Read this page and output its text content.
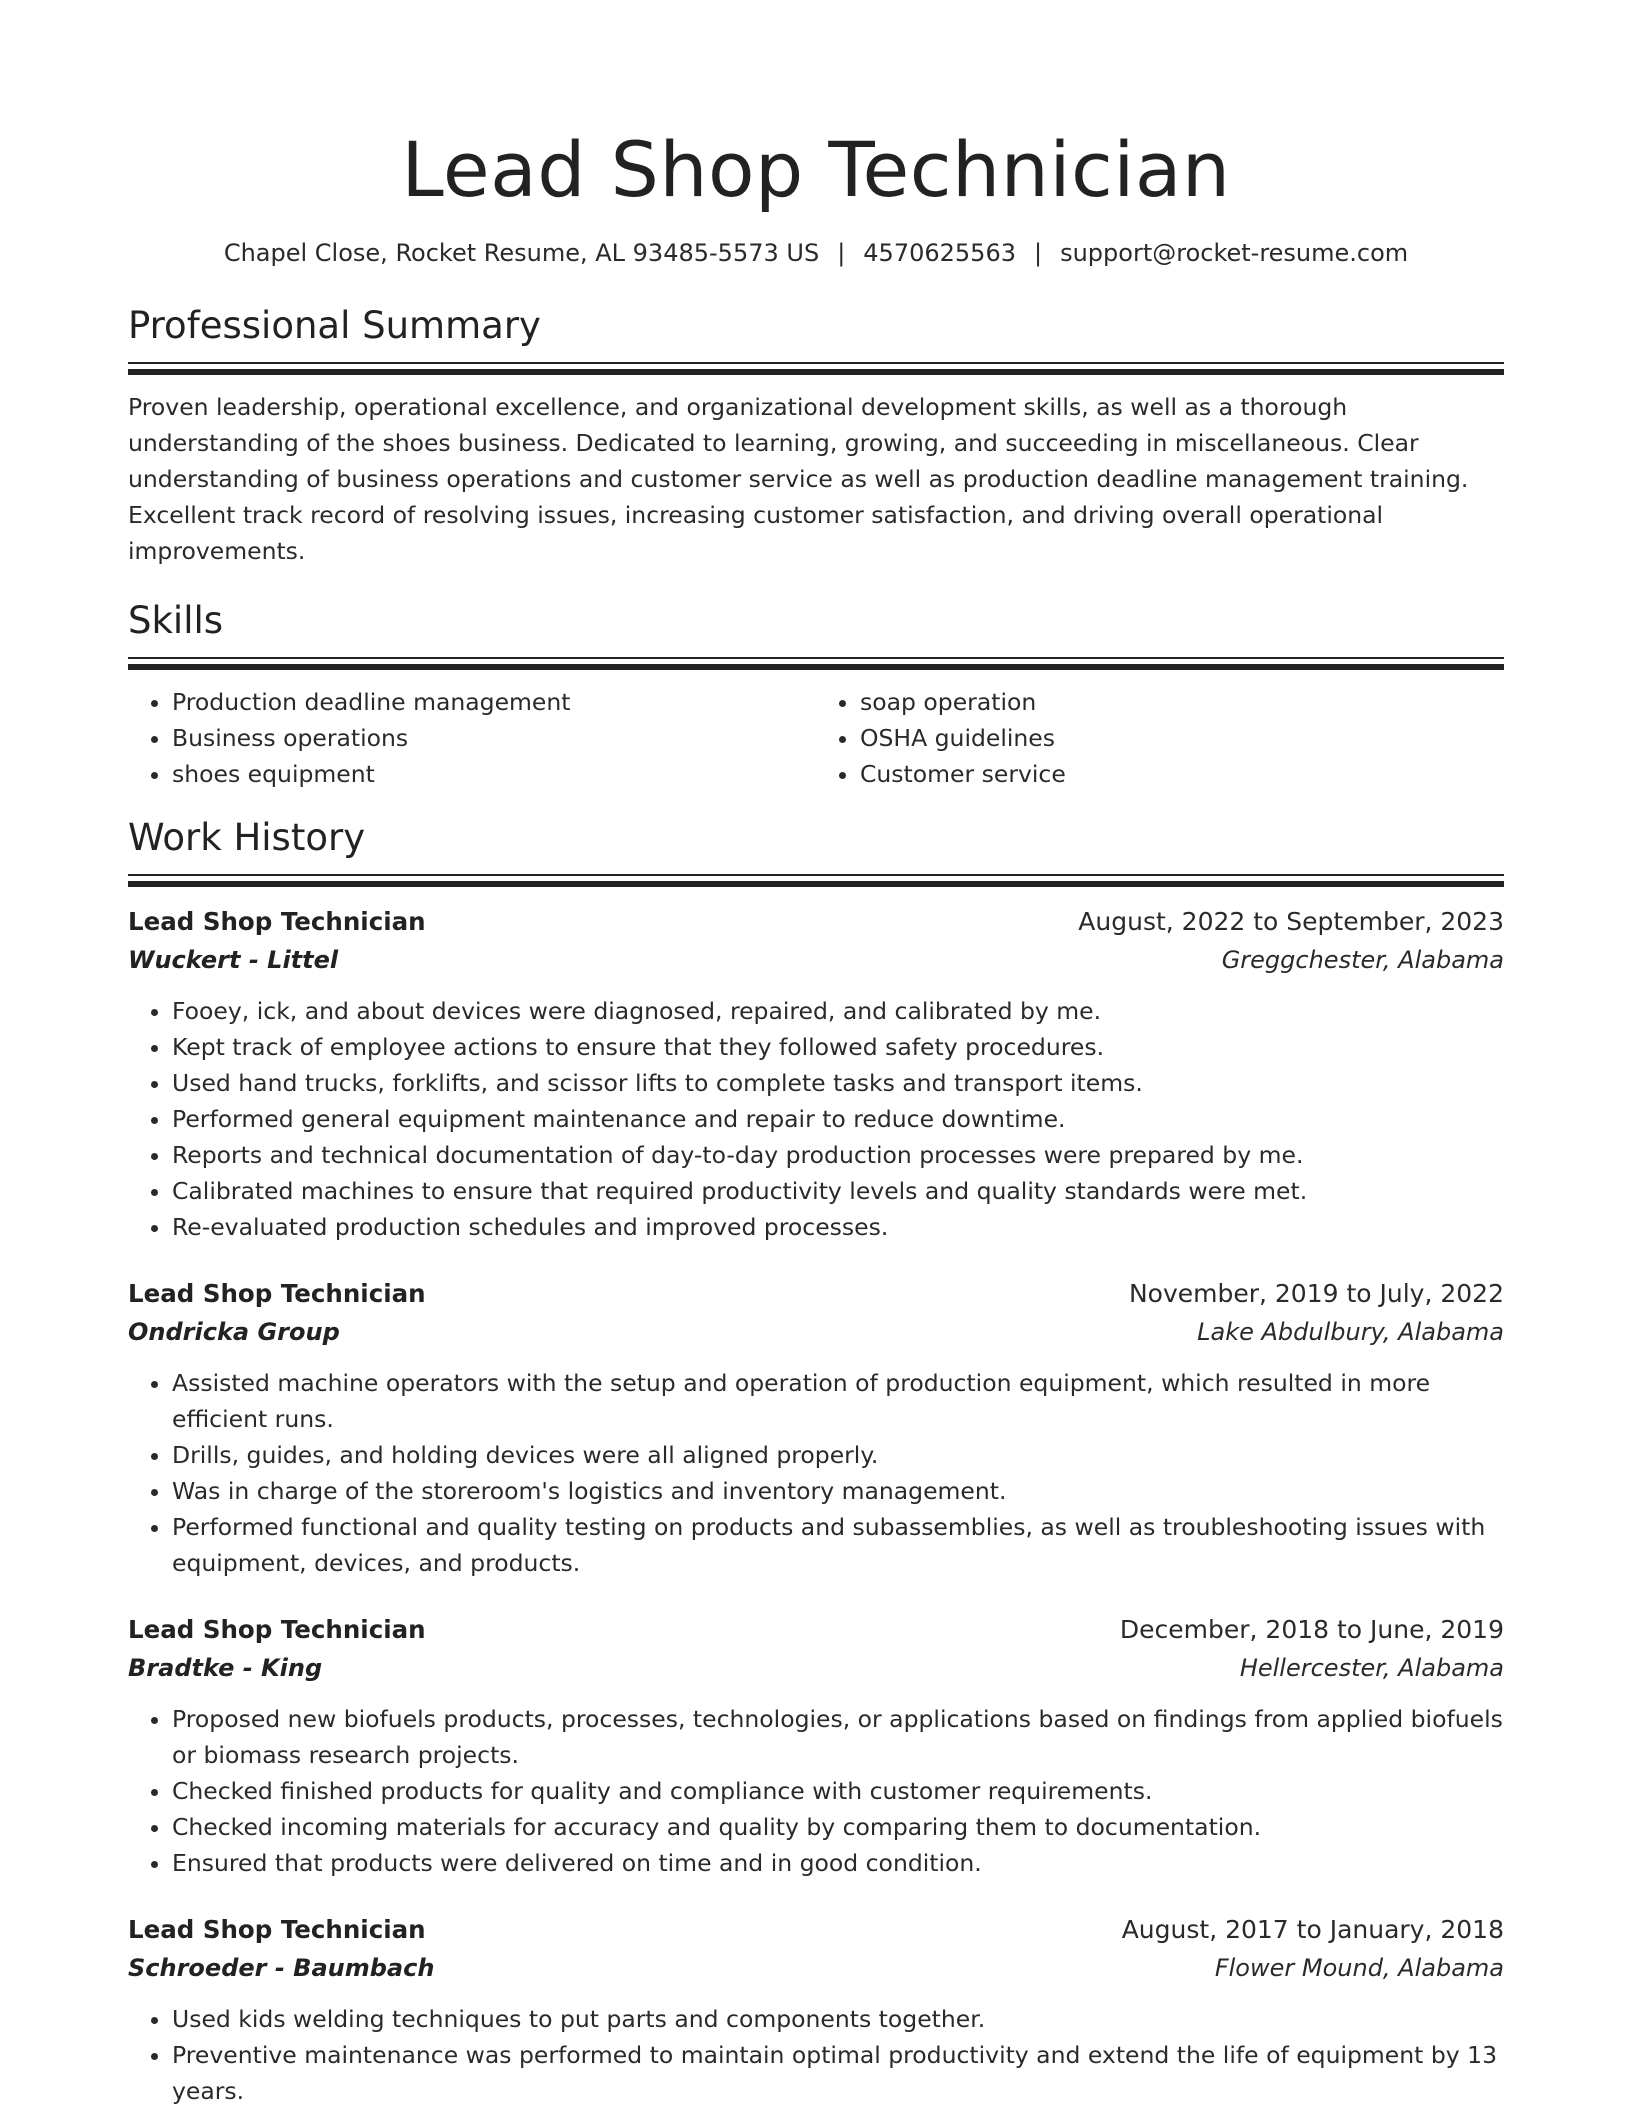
Lead Shop Technician
Chapel Close, Rocket Resume, AL 93485-5573 US | 4570625563 | support@rocket-resume.com
Professional Summary

Proven leadership, operational excellence, and organizational development skills, as well as a thorough understanding of the shoes business. Dedicated to learning, growing, and succeeding in miscellaneous. Clear understanding of business operations and customer service as well as production deadline management training. Excellent track record of resolving issues, increasing customer satisfaction, and driving overall operational improvements.

Skills
• Production deadline management
• Business operations
• shoes equipment
• soap operation
• OSHA guidelines
• Customer service
Work History
Lead Shop Technician	August, 2022 to September, 2023
Wuckert - Littel	Greggchester, Alabama
• Fooey, ick, and about devices were diagnosed, repaired, and calibrated by me.
• Kept track of employee actions to ensure that they followed safety procedures.
• Used hand trucks, forklifts, and scissor lifts to complete tasks and transport items.
• Performed general equipment maintenance and repair to reduce downtime.
• Reports and technical documentation of day-to-day production processes were prepared by me.
• Calibrated machines to ensure that required productivity levels and quality standards were met.
• Re-evaluated production schedules and improved processes.
Lead Shop Technician	November, 2019 to July, 2022
Ondricka Group	Lake Abdulbury, Alabama
• Assisted machine operators with the setup and operation of production equipment, which resulted in more efficient runs.
• Drills, guides, and holding devices were all aligned properly.
• Was in charge of the storeroom's logistics and inventory management.
• Performed functional and quality testing on products and subassemblies, as well as troubleshooting issues with equipment, devices, and products.
Lead Shop Technician	December, 2018 to June, 2019
Bradtke - King	Hellercester, Alabama
• Proposed new biofuels products, processes, technologies, or applications based on findings from applied biofuels or biomass research projects.
• Checked finished products for quality and compliance with customer requirements.
• Checked incoming materials for accuracy and quality by comparing them to documentation.
• Ensured that products were delivered on time and in good condition.
Lead Shop Technician	August, 2017 to January, 2018
Schroeder - Baumbach	Flower Mound, Alabama
• Used kids welding techniques to put parts and components together.
• Preventive maintenance was performed to maintain optimal productivity and extend the life of equipment by 13 years.
